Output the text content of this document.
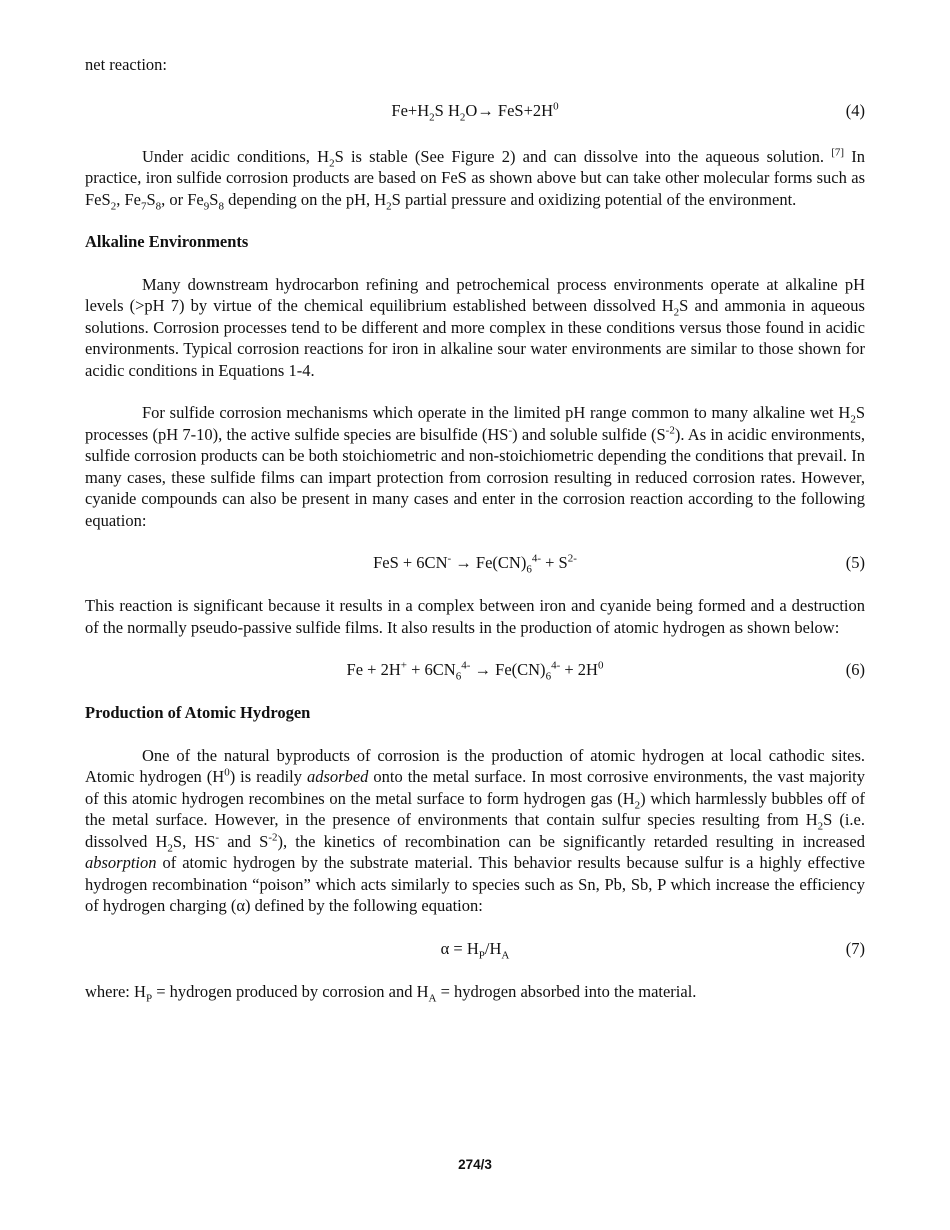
net reaction:

$Fe+H_2S$ $H_2O\to FeS+2H^0$	(4)

Under acidic conditions, $H_2S$ is stable (See Figure 2) and can dissolve into the aqueous solution. [7] In practice, iron sulfide corrosion products are based on FeS as shown above but can take other molecular forms such as FeS$_2$, $Fe_7S_8$, or $Fe_9S_8$ depending on the pH, $H_2S$ partial pressure and oxidizing potential of the environment.

Alkaline Environments

Many downstream hydrocarbon refining and petrochemical process environments operate at alkaline pH levels (>pH 7) by virtue of the chemical equilibrium established between dissolved $H_2S$ and ammonia in aqueous solutions. Corrosion processes tend to be different and more complex in these conditions versus those found in acidic environments. Typical corrosion reactions for iron in alkaline sour water environments are similar to those shown for acidic conditions in Equations 1-4.

For sulfide corrosion mechanisms which operate in the limited pH range common to many alkaline wet $H_2S$ processes (pH 7-10), the active sulfide species are bisulfide (HS-) and soluble sulfide $(S^{-2})$. As in acidic environments, sulfide corrosion products can be both stoichiometric and non-stoichiometric depending the conditions that prevail. In many cases, these sulfide films can impart protection from corrosion resulting in reduced corrosion rates. However, cyanide compounds can also be present in many cases and enter in the corrosion reaction according to the following equation:

FeS + $6CN^- \to Fe(CN)_6^{4-} + S^{2-}$	(5)

This reaction is significant because it results in a complex between iron and cyanide being formed and a destruction of the normally pseudo-passive sulfide films. It also results in the production of atomic hydrogen as shown below:

$Fe + 2H^+ + 6CN_6^{4-} \to Fe(CN)_6^{4-} + 2H^0$	(6)
Production of Atomic Hydrogen

One of the natural byproducts of corrosion is the production of atomic hydrogen at local cathodic sites. Atomic hydrogen $(H^0)$ is readily adsorbed onto the metal surface. In most corrosive environments, the vast majority of this atomic hydrogen recombines on the metal surface to form hydrogen gas $(H_2)$ which harmlessly bubbles off of the metal surface. However, in the presence of environments that contain sulfur species resulting from $H_2S$ (i.e. dissolved $H_2S$, HS- and $S^{-2}$), the kinetics of recombination can be significantly retarded resulting in increased absorption of atomic hydrogen by the substrate material. This behavior results because sulfur is a highly effective hydrogen recombination “poison” which acts similarly to species such as Sn, Pb, Sb, P which increase the efficiency of hydrogen charging (α) defined by the following equation:

$\alpha = H_P/H_A$	(7)

where: $H_P$ = hydrogen produced by corrosion and $H_A$ = hydrogen absorbed into the material.

274/3
